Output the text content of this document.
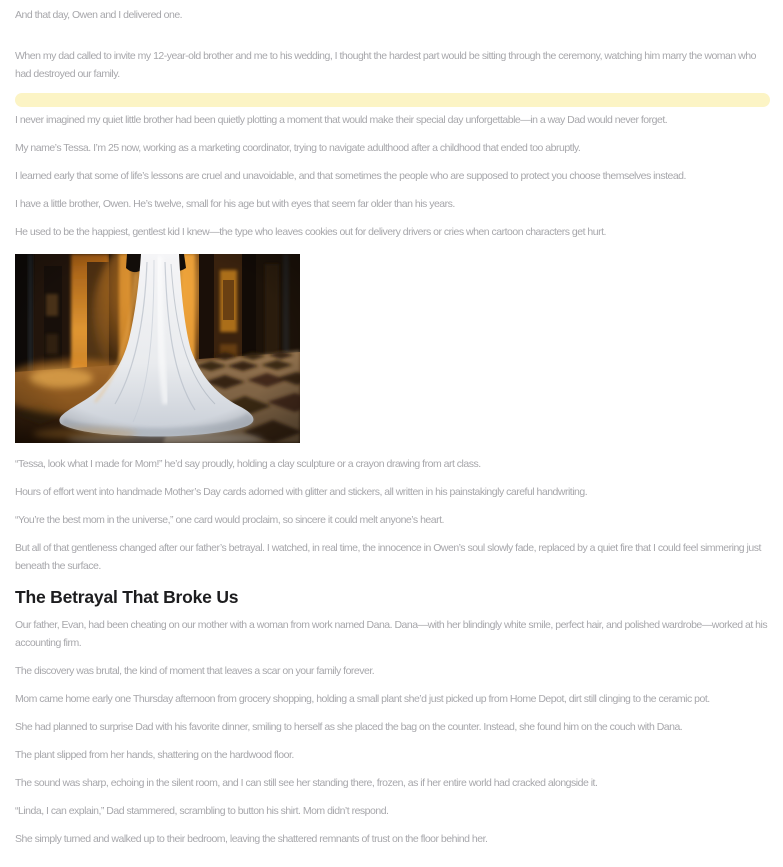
And that day, Owen and I delivered one.

When my dad called to invite my 12-year-old brother and me to his wedding, I thought the hardest part would be sitting through the ceremony, watching him marry the woman who had destroyed our family.

I never imagined my quiet little brother had been quietly plotting a moment that would make their special day unforgettable—in a way Dad would never forget.

My name’s Tessa. I’m 25 now, working as a marketing coordinator, trying to navigate adulthood after a childhood that ended too abruptly.

I learned early that some of life’s lessons are cruel and unavoidable, and that sometimes the people who are supposed to protect you choose themselves instead.

I have a little brother, Owen. He’s twelve, small for his age but with eyes that seem far older than his years.

He used to be the happiest, gentlest kid I knew—the type who leaves cookies out for delivery drivers or cries when cartoon characters get hurt.

“Tessa, look what I made for Mom!” he’d say proudly, holding a clay sculpture or a crayon drawing from art class.

Hours of effort went into handmade Mother’s Day cards adorned with glitter and stickers, all written in his painstakingly careful handwriting.

“You’re the best mom in the universe,” one card would proclaim, so sincere it could melt anyone’s heart.

But all of that gentleness changed after our father’s betrayal. I watched, in real time, the innocence in Owen’s soul slowly fade, replaced by a quiet fire that I could feel simmering just beneath the surface.

The Betrayal That Broke Us

Our father, Evan, had been cheating on our mother with a woman from work named Dana. Dana—with her blindingly white smile, perfect hair, and polished wardrobe—worked at his accounting firm.

The discovery was brutal, the kind of moment that leaves a scar on your family forever.

Mom came home early one Thursday afternoon from grocery shopping, holding a small plant she’d just picked up from Home Depot, dirt still clinging to the ceramic pot.

She had planned to surprise Dad with his favorite dinner, smiling to herself as she placed the bag on the counter. Instead, she found him on the couch with Dana.

The plant slipped from her hands, shattering on the hardwood floor.

The sound was sharp, echoing in the silent room, and I can still see her standing there, frozen, as if her entire world had cracked alongside it.

“Linda, I can explain,” Dad stammered, scrambling to button his shirt. Mom didn’t respond.

She simply turned and walked up to their bedroom, leaving the shattered remnants of trust on the floor behind her.
